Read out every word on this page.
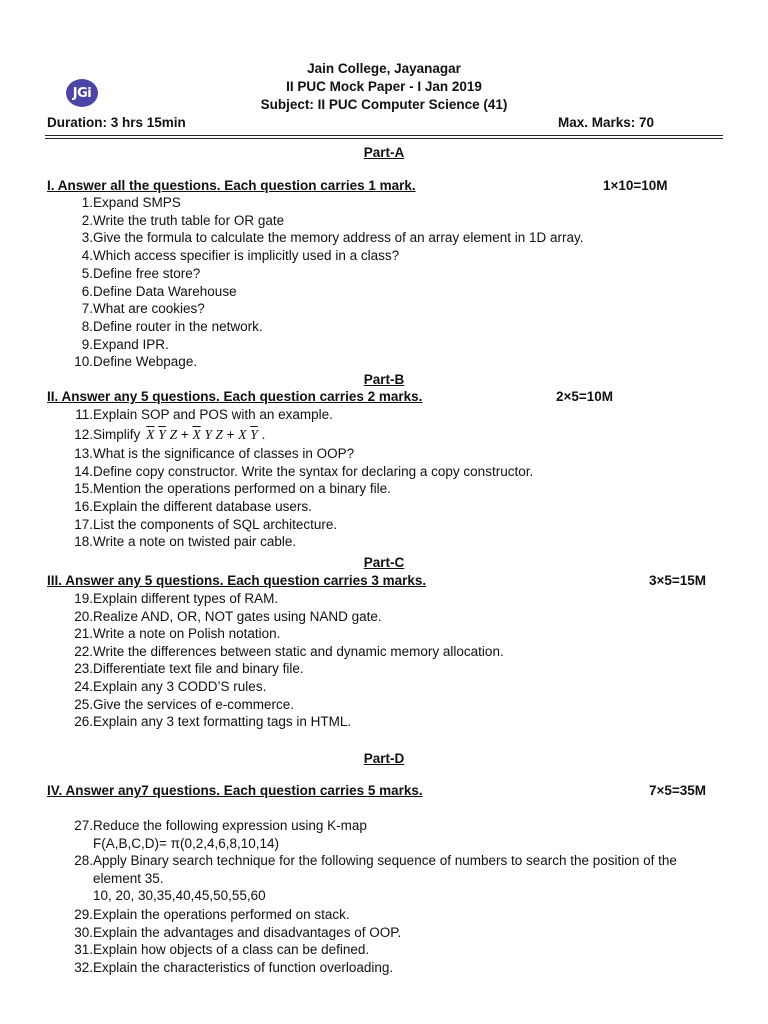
JGi
Jain College, Jayanagar
II PUC Mock Paper - I Jan 2019
Subject: II PUC Computer Science (41)
Duration: 3 hrs 15min	Max. Marks: 70
Part-A
I. Answer all the questions. Each question carries 1 mark.	1×10=10M
1. Expand SMPS
2. Write the truth table for OR gate
3. Give the formula to calculate the memory address of an array element in 1D array.
4. Which access specifier is implicitly used in a class?
5. Define free store?
6. Define Data Warehouse
7. What are cookies?
8. Define router in the network.
9. Expand IPR.
10. Define Webpage.
Part-B
II. Answer any 5 questions. Each question carries 2 marks.	2×5=10M
11. Explain SOP and POS with an example.
12. Simplify $\overline{X}$ $\overline{Y}$ $Z + \overline{X}$ Y Z + X $\overline{Y}$ .
13. What is the significance of classes in OOP?
14. Define copy constructor. Write the syntax for declaring a copy constructor.
15. Mention the operations performed on a binary file.
16. Explain the different database users.
17. List the components of SQL architecture.
18. Write a note on twisted pair cable.
Part-C
III. Answer any 5 questions. Each question carries 3 marks.	3×5=15M
19. Explain different types of RAM.
20. Realize AND, OR, NOT gates using NAND gate.
21. Write a note on Polish notation.
22. Write the differences between static and dynamic memory allocation.
23. Differentiate text file and binary file.
24. Explain any 3 CODD’S rules.
25. Give the services of e-commerce.
26. Explain any 3 text formatting tags in HTML.
Part-D
IV. Answer any7 questions. Each question carries 5 marks.	7×5=35M
27. Reduce the following expression using K-map
F(A,B,C,D)= π(0,2,4,6,8,10,14)
28. Apply Binary search technique for the following sequence of numbers to search the position of the
element 35.
10, 20, 30,35,40,45,50,55,60
29. Explain the operations performed on stack.
30. Explain the advantages and disadvantages of OOP.
31. Explain how objects of a class can be defined.
32. Explain the characteristics of function overloading.
